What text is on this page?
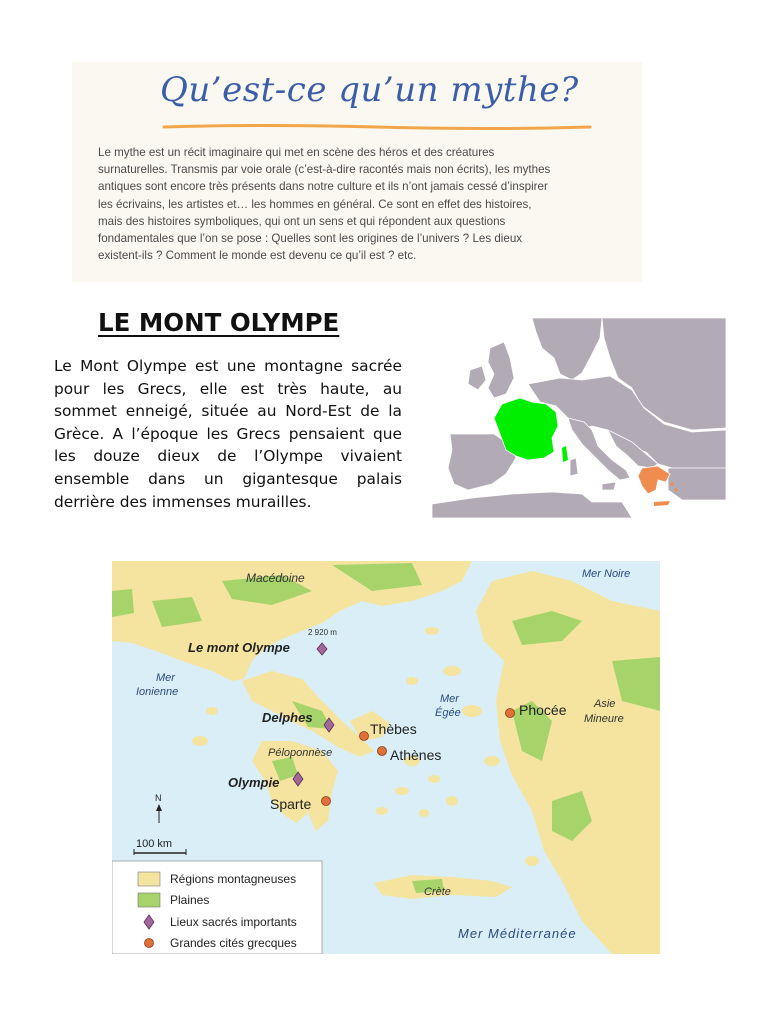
Qu’est-ce qu’un mythe?
Le mythe est un récit imaginaire qui met en scène des héros et des créatures
surnaturelles. Transmis par voie orale (c’est-à-dire racontés mais non écrits), les mythes
antiques sont encore très présents dans notre culture et ils n’ont jamais cessé d’inspirer
les écrivains, les artistes et… les hommes en général. Ce sont en effet des histoires,
mais des histoires symboliques, qui ont un sens et qui répondent aux questions
fondamentales que l’on se pose : Quelles sont les origines de l’univers ? Les dieux
existent-ils ? Comment le monde est devenu ce qu’il est ? etc.
LE MONT OLYMPE
Le Mont Olympe est une montagne sacrée pour les Grecs, elle est très haute, au sommet enneigé, située au Nord-Est de la Grèce. A l’époque les Grecs pensaient que les douze dieux de l’Olympe vivaient ensemble dans un gigantesque palais derrière des immenses murailles.
Macédoine	Mer Noire
2 920 m
Le mont Olympe
Mer
Ionienne
Mer
Égée
Delphes
Thèbes
Péloponnèse	Athènes
Phocée	Asie
Mineure
Olympie
Sparte
Crète
Mer Méditerranée
N
100 km
Régions montagneuses
Plaines
Lieux sacrés importants
Grandes cités grecques
